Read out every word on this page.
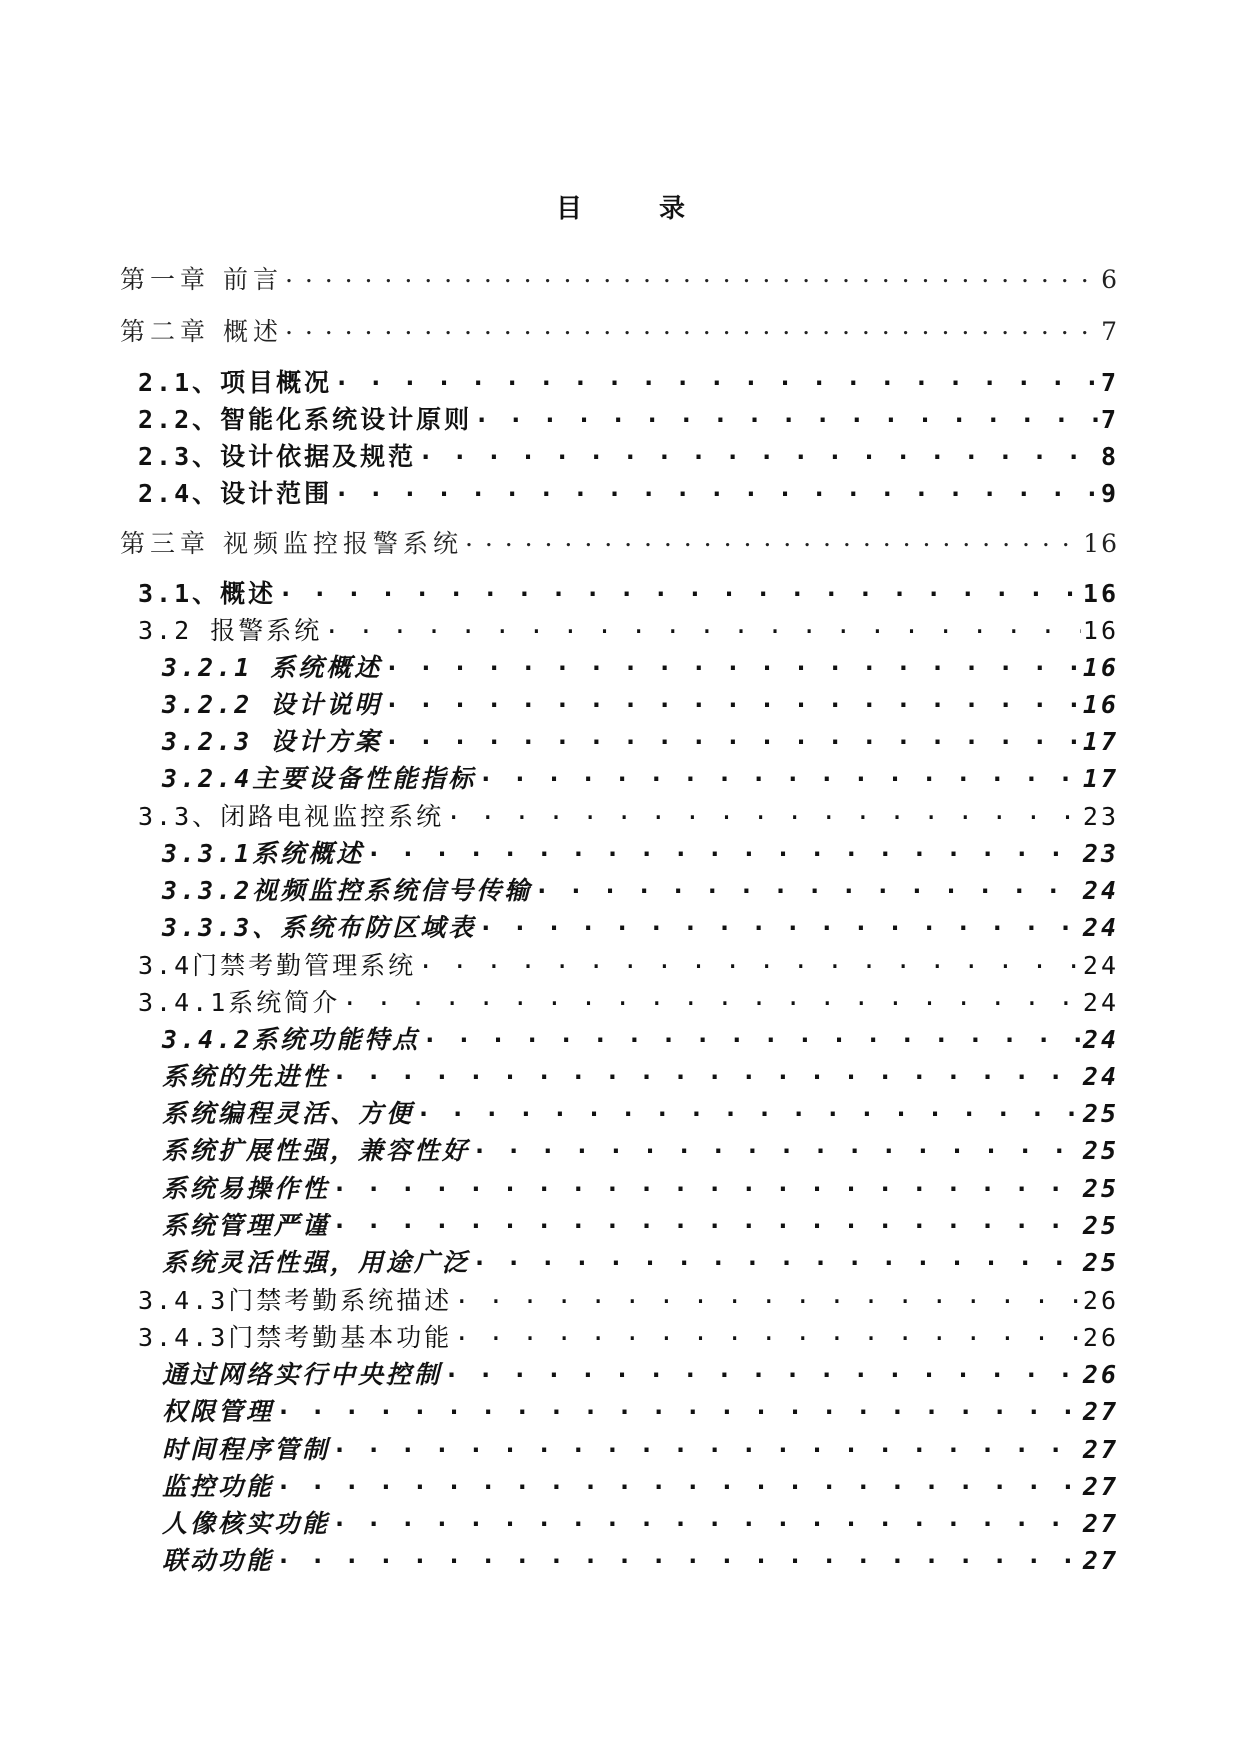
目 录
第一章 前言 . . .	6
第二章 概述 . . .	7
2.1、项目概况 . . .	7
2.2、智能化系统设计原则 . . .	7
2.3、设计依据及规范 . . .	8
2.4、设计范围 . . .	9
第三章 视频监控报警系统 . . .	16
3.1、概述 . . .	16
3.2 报警系统 . . .	16
3.2.1 系统概述 . . .	16
3.2.2 设计说明 . . .	16
3.2.3 设计方案 . . .	17
3.2.4主要设备性能指标 . . .	17
3.3、闭路电视监控系统 . . .	23
3.3.1系统概述 . . .	23
3.3.2视频监控系统信号传输 . . .	24
3.3.3、系统布防区域表 . . .	24
3.4门禁考勤管理系统 . . .	24
3.4.1系统简介 . . .	24
3.4.2系统功能特点 . . .	24
系统的先进性 . . .	24
系统编程灵活、方便 . . .	25
系统扩展性强，兼容性好 . . .	25
系统易操作性 . . .	25
系统管理严谨 . . .	25
系统灵活性强，用途广泛 . . .	25
3.4.3门禁考勤系统描述 . . .	26
3.4.3门禁考勤基本功能 . . .	26
通过网络实行中央控制 . . .	26
权限管理 . . .	27
时间程序管制 . . .	27
监控功能 . . .	27
人像核实功能 . . .	27
联动功能 . . .	27
